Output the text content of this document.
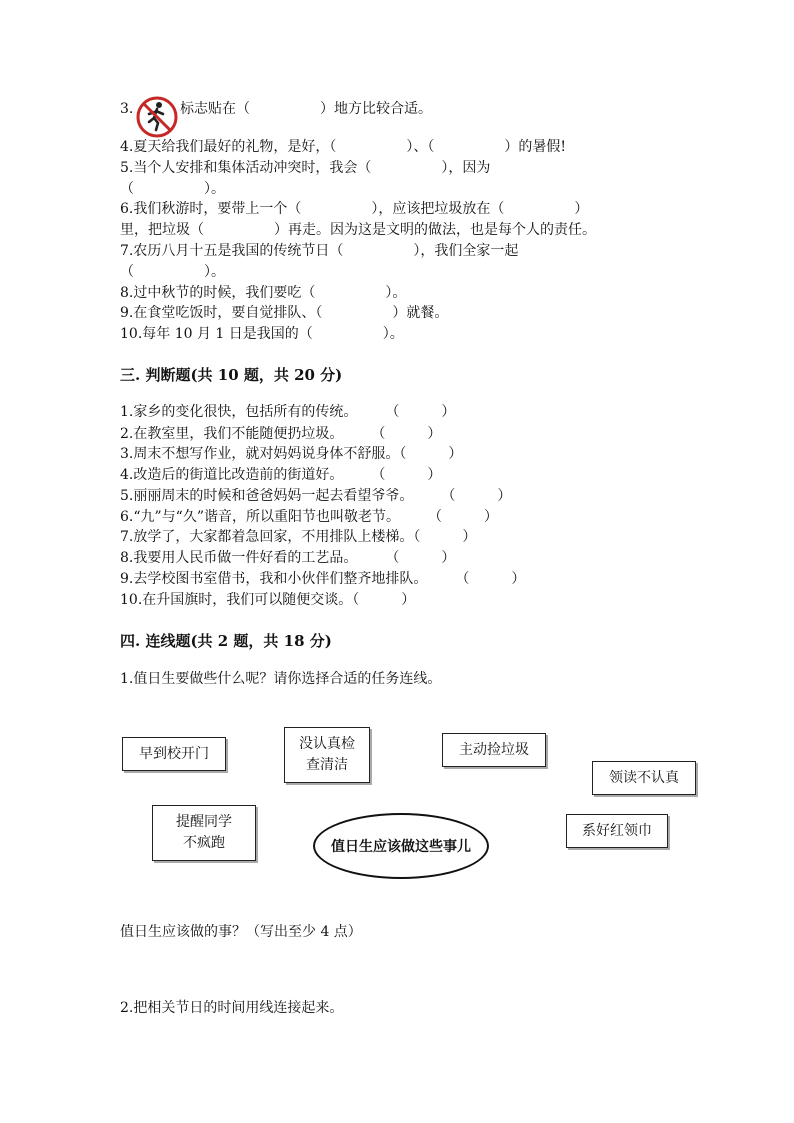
3.	标志贴在（　　　　　）地方比较合适。
4.夏天给我们最好的礼物，是好，（　　　　　）、（　　　　　）的暑假!
5.当个人安排和集体活动冲突时，我会（　　　　　），因为
（　　　　　）。
6.我们秋游时，要带上一个（　　　　　），应该把垃圾放在（　　　　　）
里，把垃圾（　　　　　）再走。因为这是文明的做法，也是每个人的责任。
7.农历八月十五是我国的传统节日（　　　　　），我们全家一起
（　　　　　）。
8.过中秋节的时候，我们要吃（　　　　　）。
9.在食堂吃饭时，要自觉排队、（　　　　　）就餐。
10.每年 10 月 1 日是我国的（　　　　　）。
三. 判断题(共 10 题，共 20 分)
1.家乡的变化很快，包括所有的传统。　　　（　　　）
2.在教室里，我们不能随便扔垃圾。　　　（　　　）
3.周末不想写作业，就对妈妈说身体不舒服。（　　　）
4.改造后的街道比改造前的街道好。　　　（　　　）
5.丽丽周末的时候和爸爸妈妈一起去看望爷爷。　　　（　　　）
6.“九”与“久”谐音，所以重阳节也叫敬老节。　　　（　　　）
7.放学了，大家都着急回家，不用排队上楼梯。（　　　）
8.我要用人民币做一件好看的工艺品。　　　（　　　）
9.去学校图书室借书，我和小伙伴们整齐地排队。　　　（　　　）
10.在升国旗时，我们可以随便交谈。（　　　）
四. 连线题(共 2 题，共 18 分)
1.值日生要做些什么呢？请你选择合适的任务连线。
早到校开门
没认真检
查清洁
主动捡垃圾
领读不认真
提醒同学
不疯跑
系好红领巾
值日生应该做这些事儿
值日生应该做的事？（写出至少 4 点）
2.把相关节日的时间用线连接起来。
